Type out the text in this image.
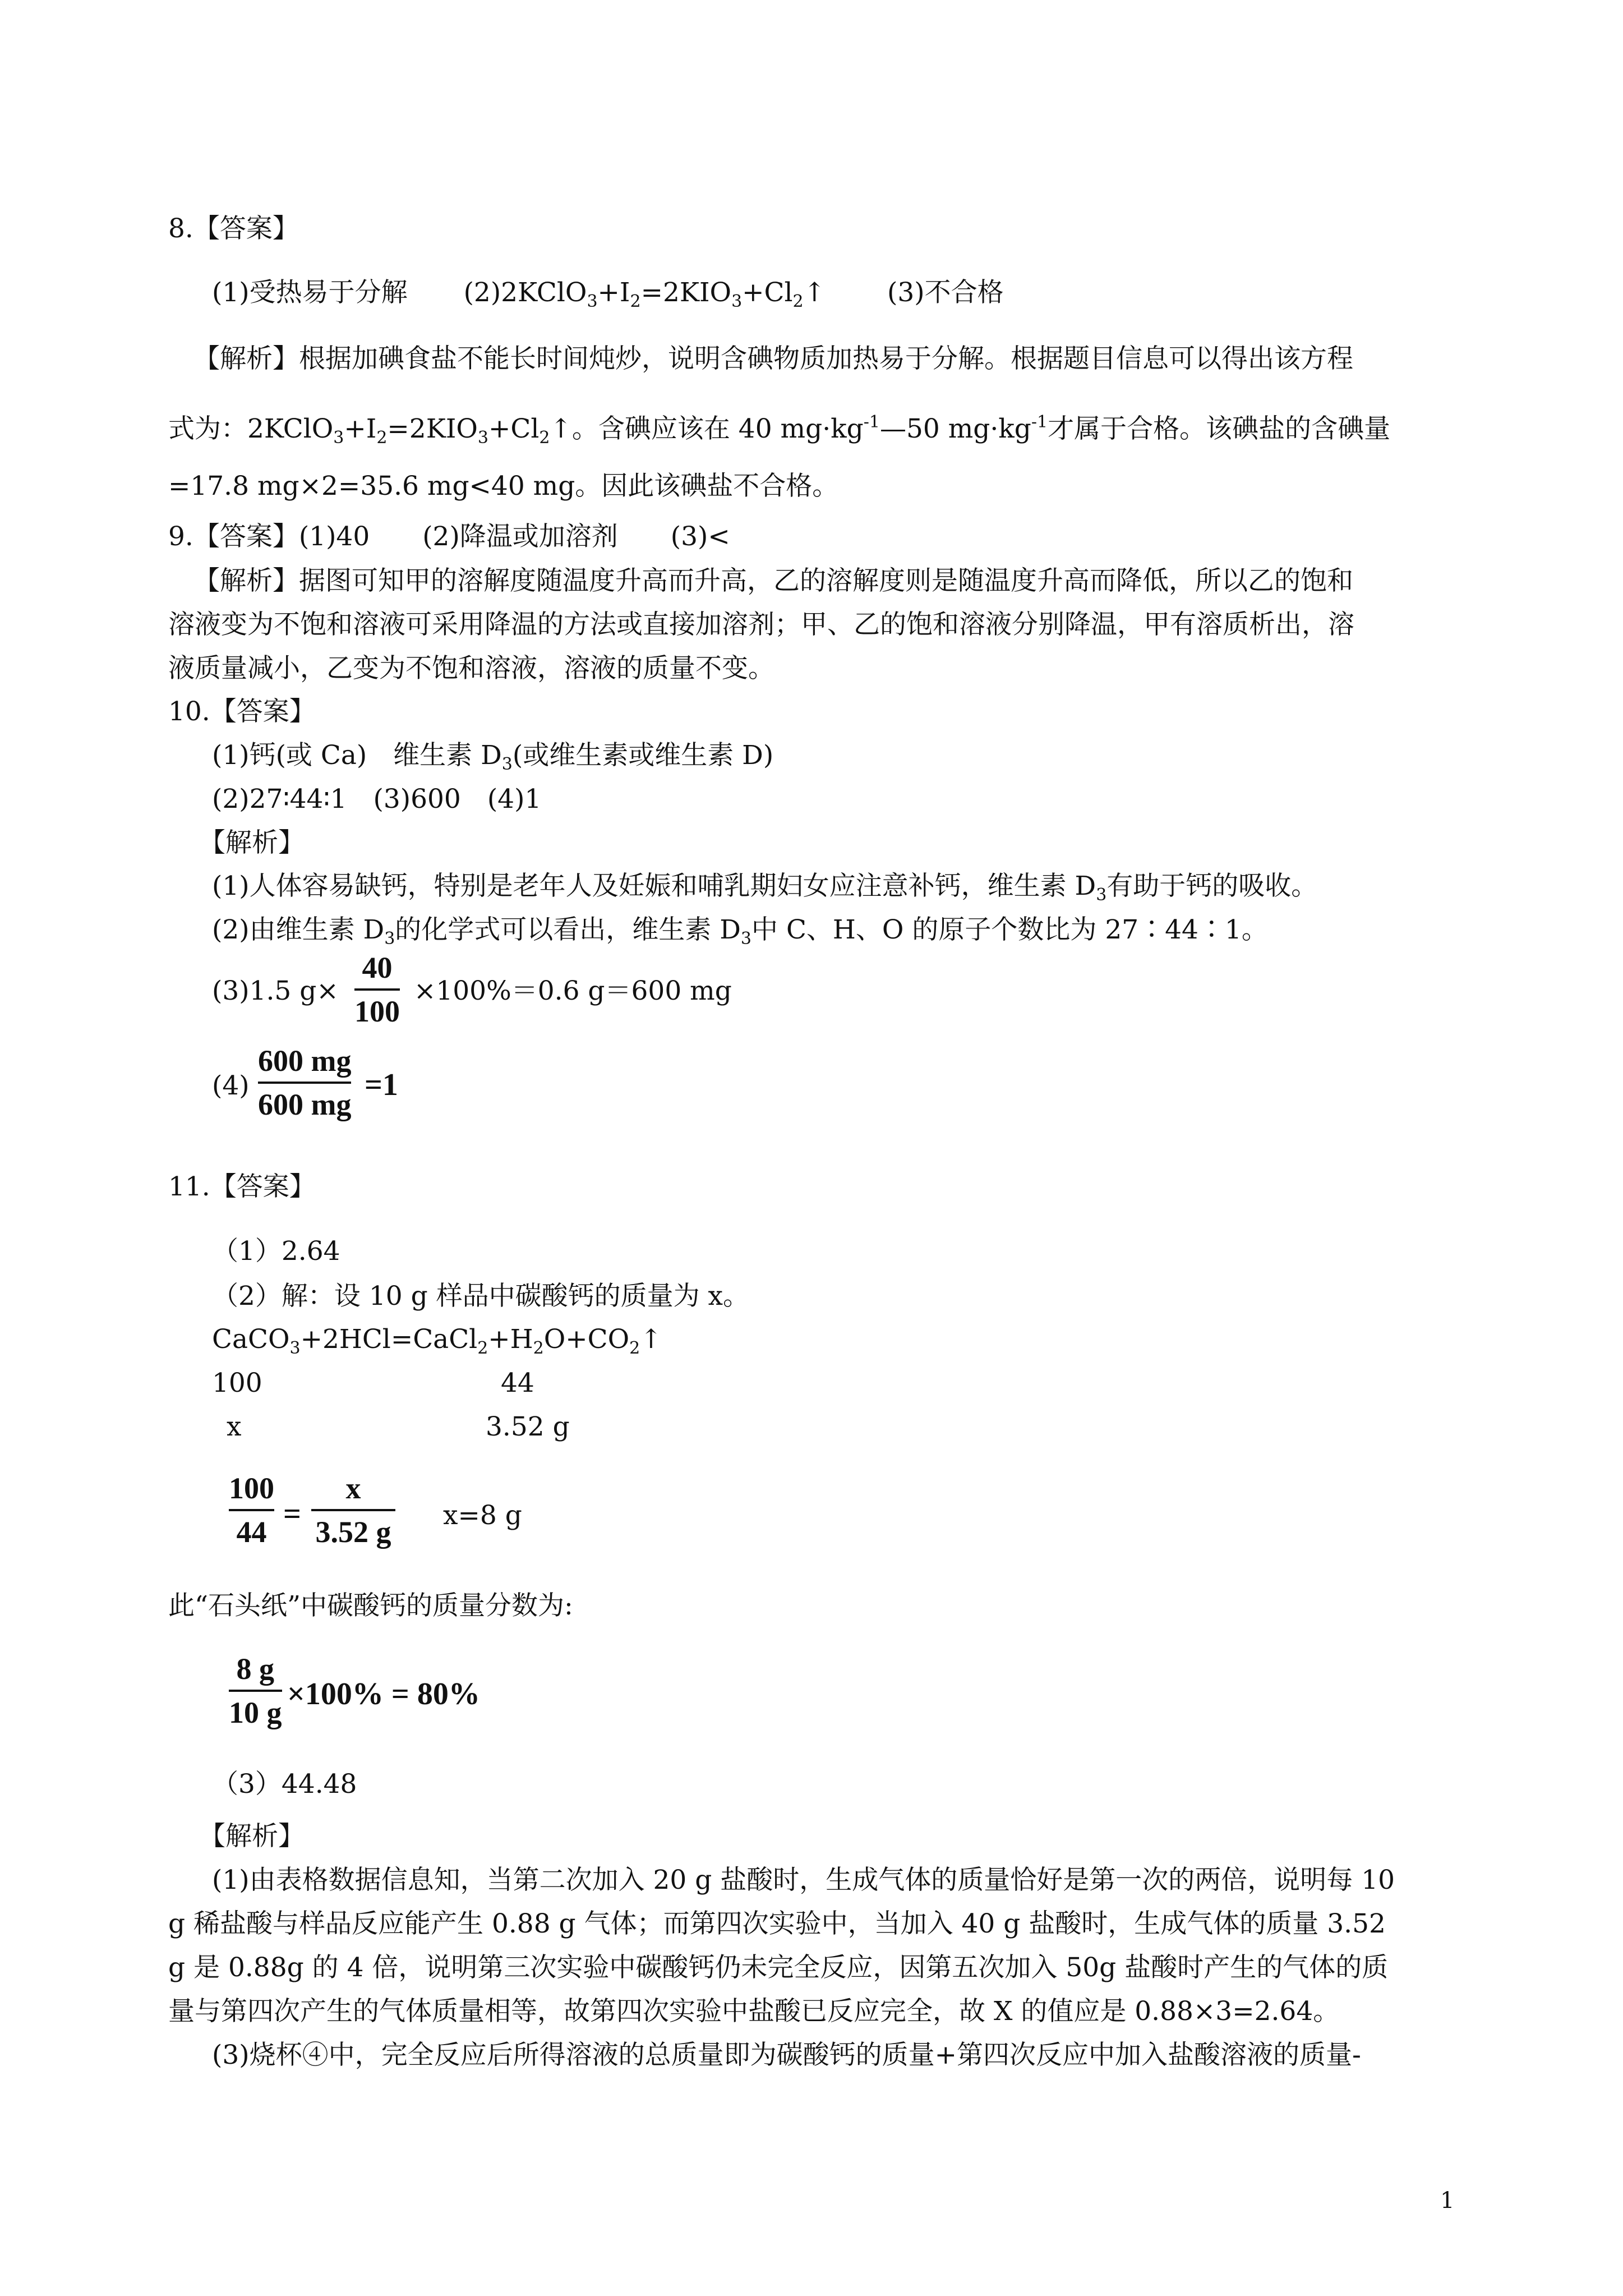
8.【答案】
(1)受热易于分解 $(2)2KClO_3+I_2=2KIO_3+Cl_2↑$ (3)不合格
【解析】根据加碘食盐不能长时间炖炒，说明含碘物质加热易于分解。根据题目信息可以得出该方程
式为：$2KClO_3+I_2=2KIO_3+Cl_2↑$。含碘应该在 40 $mg\cdot kg^{-1}—50$ $mg\cdot kg^{-1}$才属于合格。该碘盐的含碘量
=17.8 mg×2=35.6 mg<40 mg。因此该碘盐不合格。
9.【答案】(1)40　　(2)降温或加溶剂　　(3)<
【解析】据图可知甲的溶解度随温度升高而升高，乙的溶解度则是随温度升高而降低，所以乙的饱和
溶液变为不饱和溶液可采用降温的方法或直接加溶剂；甲、乙的饱和溶液分别降温，甲有溶质析出，溶
液质量减小，乙变为不饱和溶液，溶液的质量不变。
10.【答案】
(1)钙(或 Ca)　维生素 $D_3$(或维生素或维生素 D)
(2)27∶44∶1　(3)600　(4)1
【解析】
(1)人体容易缺钙，特别是老年人及妊娠和哺乳期妇女应注意补钙，维生素 $D_3$有助于钙的吸收。
(2)由维生素 $D_3$的化学式可以看出，维生素 $D_3$中 C、H、O 的原子个数比为 27∶44∶1。
(3)1.5 g×
40
100
×100%＝0.6 g＝600 mg
(4)
600 mg
600 mg
=1
11.【答案】
（1）2.64
（2）解：设 10 g 样品中碳酸钙的质量为 x。
$CaCO_3+2HCl=CaCl_2+H_2O+CO_2↑$
100	44
x	3.52 g
100
44
=
x
3.52 g x=8 g
此“石头纸”中碳酸钙的质量分数为:
8 g
10 g
×100% = 80%
（3）44.48
【解析】
(1)由表格数据信息知，当第二次加入 20 g 盐酸时，生成气体的质量恰好是第一次的两倍，说明每 10
g 稀盐酸与样品反应能产生 0.88 g 气体；而第四次实验中，当加入 40 g 盐酸时，生成气体的质量 3.52
g 是 0.88g 的 4 倍，说明第三次实验中碳酸钙仍未完全反应，因第五次加入 50g 盐酸时产生的气体的质
量与第四次产生的气体质量相等，故第四次实验中盐酸已反应完全，故 X 的值应是 0.88×3=2.64。
(3)烧杯④中，完全反应后所得溶液的总质量即为碳酸钙的质量+第四次反应中加入盐酸溶液的质量-
1
